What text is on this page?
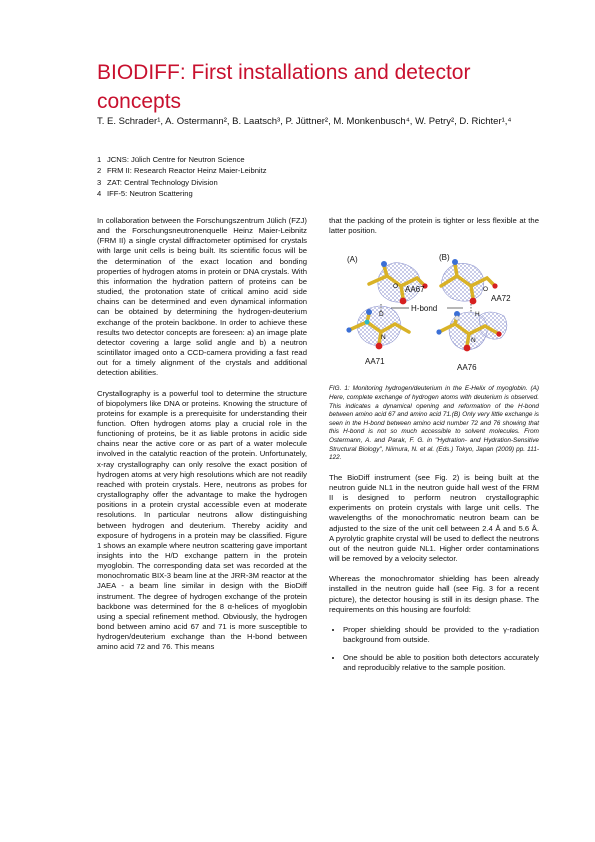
BIODIFF: First installations and detector concepts
T. E. Schrader¹, A. Ostermann², B. Laatsch³, P. Jüttner², M. Monkenbusch⁴, W. Petry², D. Richter¹,⁴
1 JCNS: Jülich Centre for Neutron Science
2 FRM II: Research Reactor Heinz Maier-Leibnitz
3 ZAT: Central Technology Division
4 IFF-5: Neutron Scattering

In collaboration between the Forschungszentrum Jülich (FZJ) and the Forschungsneutronenquelle Heinz Maier-Leibnitz (FRM II) a single crystal diffractometer optimised for crystals with large unit cells is being built. Its scientific focus will be the determination of the exact location and bonding properties of hydrogen atoms in protein or DNA crystals. With this information the hydration pattern of proteins can be studied, the protonation state of critical amino acid side chains can be determined and even dynamical information can be obtained by determining the hydrogen-deuterium exchange of the protein backbone. In order to achieve these results two detector concepts are foreseen: a) an image plate detector covering a large solid angle and b) a neutron scintillator imaged onto a CCD-camera providing a fast read out for a timely alignment of the crystals and additional detection abilities.

Crystallography is a powerful tool to determine the structure of biopolymers like DNA or proteins. Knowing the structure of proteins for example is a prerequisite for understanding their function. Often hydrogen atoms play a crucial role in the functioning of proteins, be it as liable protons in acidic side chains near the active core or as part of a water molecule involved in the catalytic reaction of the protein. Unfortunately, x-ray crystallography can only resolve the exact position of hydrogen atoms at very high resolutions which are not readily reached with protein crystals. Here, neutrons as probes for crystallography offer the advantage to make the hydrogen positions in a protein crystal accessible even at moderate resolutions. In particular neutrons allow distinguishing between hydrogen and deuterium. Thereby acidity and exposure of hydrogens in a protein may be classified. Figure 1 shows an example where neutron scattering gave important insights into the H/D exchange pattern in the protein myoglobin. The corresponding data set was recorded at the monochromatic BIX-3 beam line at the JRR-3M reactor at the JAEA - a beam line similar in design with the BioDiff instrument. The degree of hydrogen exchange of the protein backbone was determined for the 8 α-helices of myoglobin using a special refinement method. Obviously, the hydrogen bond between amino acid 67 and 71 is more susceptible to hydrogen/deuterium exchange than the H-bond between amino acid 72 and 76. This means

that the packing of the protein is tighter or less flexible at the latter position.

(A)	(B)
AA67
AA72
H-bond
AA71
AA76
O	O
D	H
N	N

FIG. 1: Monitoring hydrogen/deuterium in the E-Helix of myoglobin. (A) Here, complete exchange of hydrogen atoms with deuterium is observed. This indicates a dynamical opening and reformation of the H-bond between amino acid 67 and amino acid 71.(B) Only very little exchange is seen in the H-bond between amino acid number 72 and 76 showing that this H-bond is not so much accessible to solvent molecules. From Ostermann, A. and Parak, F. G. in "Hydration- and Hydration-Sensitive Structural Biology", Niimura, N. et al. (Eds.) Tokyo, Japan (2009) pp. 111-122.

The BioDiff instrument (see Fig. 2) is being built at the neutron guide NL1 in the neutron guide hall west of the FRM II is designed to perform neutron crystallographic experiments on protein crystals with large unit cells. The wavelengths of the monochromatic neutron beam can be adjusted to the size of the unit cell between 2.4 Å and 5.6 Å. A pyrolytic graphite crystal will be used to deflect the neutrons out of the neutron guide NL1. Higher order contaminations will be removed by a velocity selector.

Whereas the monochromator shielding has been already installed in the neutron guide hall (see Fig. 3 for a recent picture), the detector housing is still in its design phase. The requirements on this housing are fourfold:

• Proper shielding should be provided to the γ-radiation background from outside.
• One should be able to position both detectors accurately and reproducibly relative to the sample position.
